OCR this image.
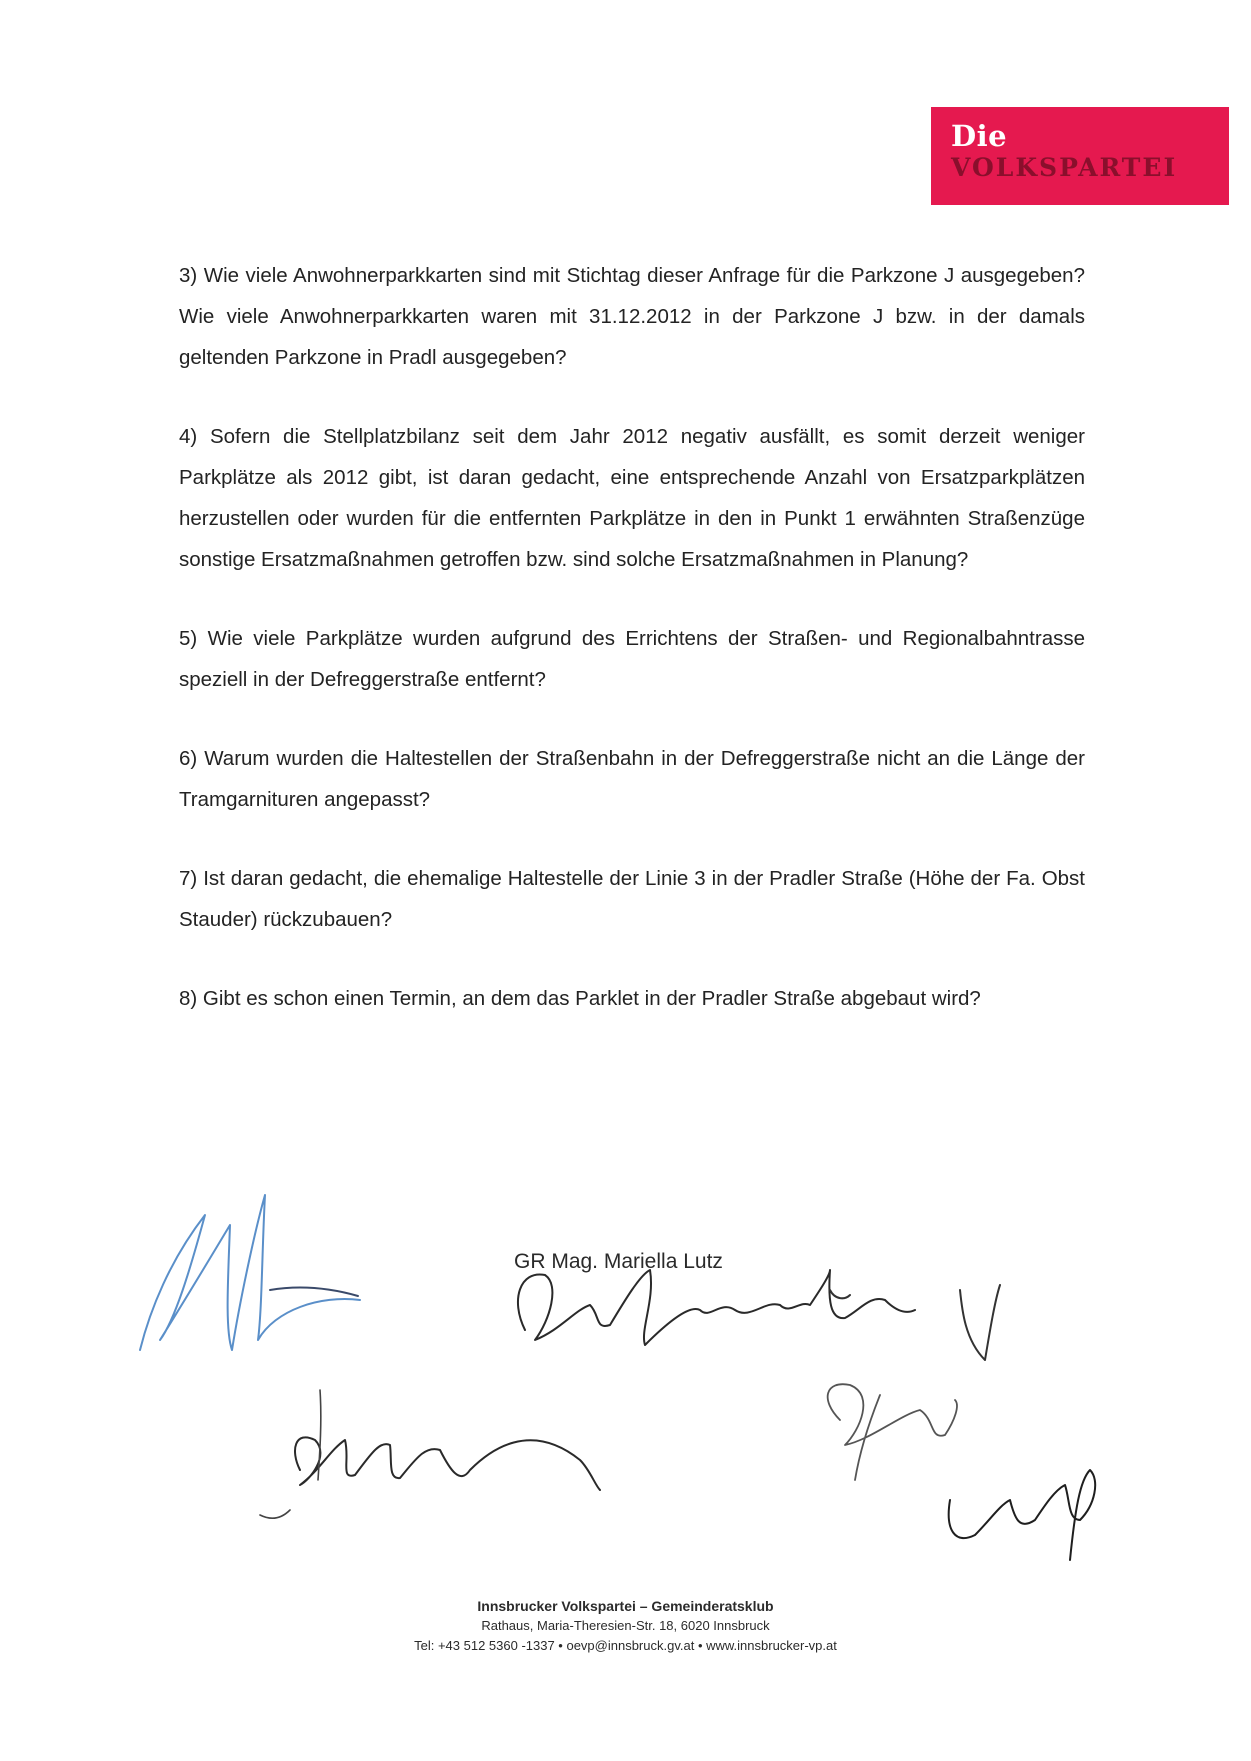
Die
VOLKSPARTEI

3) Wie viele Anwohnerparkkarten sind mit Stichtag dieser Anfrage für die Parkzone J ausgegeben? Wie viele Anwohnerparkkarten waren mit 31.12.2012 in der Parkzone J bzw. in der damals geltenden Parkzone in Pradl ausgegeben?

4) Sofern die Stellplatzbilanz seit dem Jahr 2012 negativ ausfällt, es somit derzeit weniger Parkplätze als 2012 gibt, ist daran gedacht, eine entsprechende Anzahl von Ersatzparkplätzen herzustellen oder wurden für die entfernten Parkplätze in den in Punkt 1 erwähnten Straßenzüge sonstige Ersatzmaßnahmen getroffen bzw. sind solche Ersatzmaßnahmen in Planung?

5) Wie viele Parkplätze wurden aufgrund des Errichtens der Straßen- und Regionalbahntrasse speziell in der Defreggerstraße entfernt?

6) Warum wurden die Haltestellen der Straßenbahn in der Defreggerstraße nicht an die Länge der Tramgarnituren angepasst?

7) Ist daran gedacht, die ehemalige Haltestelle der Linie 3 in der Pradler Straße (Höhe der Fa. Obst Stauder) rückzubauen?

8) Gibt es schon einen Termin, an dem das Parklet in der Pradler Straße abgebaut wird?

GR Mag. Mariella Lutz
Innsbrucker Volkspartei – Gemeinderatsklub
Rathaus, Maria-Theresien-Str. 18, 6020 Innsbruck
Tel: +43 512 5360 -1337 • oevp@innsbruck.gv.at • www.innsbrucker-vp.at
